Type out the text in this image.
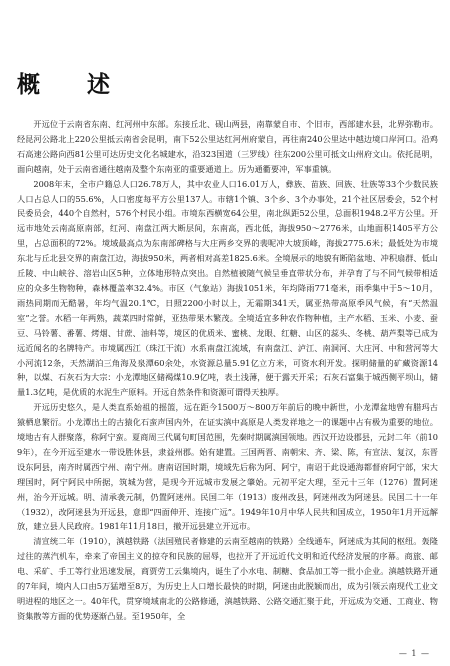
概　述

开远位于云南省东南、红河州中东部。东接丘北、砚山两县，南靠蒙自市、个旧市，西部建水县，北界弥勒市。经昆河公路北上220公里抵云南省会昆明，南下52公里达红河州府蒙自，再往南240公里达中越边境口岸河口。沿鸡石高速公路向西81公里可达历史文化名城建水，沿323国道（三罗线）往东200公里可抵文山州府文山。依托昆明，面向越南，处于云南省通往越南及整个东南亚的重要通道上。历为通衢要冲，军事重镇。

2008年末，全市户籍总人口26.78万人，其中农业人口16.01万人，彝族、苗族、回族、壮族等33个少数民族人口占总人口的55.6%，人口密度每平方公里137人。市辖1个镇、3个乡、3个办事处，21个社区居委会，52个村民委员会，440个自然村，576个村民小组。市境东西横宽64公里，南北纵距52公里，总面积1948.2平方公里。开远市地处云南高原南部，红河、南盘江两大断层间，东南高，西北低，海拔950～2776米，山地面积1405平方公里，占总面积的72%。境域最高点为东南部碑格与大庄两乡交界的裴呢冲大坡顶峰，海拔2775.6米；最低处为市境东北与丘北县交界的南盘江边，海拔950米，两者相对高差1825.6米。全境展示的地貌有断陷盆地、冲积扇群、低山丘陵、中山峡谷、溶岩山区5种，立体地形特点突出。自然植被随气候呈垂直带状分布，并孕育了与不同气候带相适应的众多生物物种，森林覆盖率32.4%。市区（气象站）海拔1051米，年均降雨771毫米，雨季集中于5～10月，雨热同期而无酷暑，年均气温20.1℃，日照2200小时以上，无霜期341天，属亚热带高原季风气候，有“天然温室”之誉。水稻一年两熟，蔬菜四时常鲜，亚热带果木繁茂。全境适宜多种农作物种植，主产水稻、玉米、小麦、蚕豆、马铃薯、番薯、烤烟、甘蔗、油料等，境区的优质米、蜜桃、龙眼、红糖、山区的蕊头、冬桃、葫芦梨等已成为远近闻名的名牌特产。市境属西江（珠江干流）水系南盘江流域，有南盘江、泸江、南洞河、大庄河、中和营河等大小河流12条，天然湖泊三角海及泉潭60余处，水资源总量5.91亿立方米，可资水利开发。探明储量的矿藏资源14种，以煤、石灰石为大宗：小龙潭地区储褐煤10.9亿吨，表土浅薄，便于露天开采；石灰石富集于城西侧平坝山，储量1.3亿吨，是优质的水泥生产原料。开远自然条件和资源可谓得天独厚。

开远历史悠久，是人类直系始祖的摇篮，远在距今1500万～800万年前后的晚中新世，小龙潭盆地曾有腊玛古猿栖息繁衍。小龙潭出土的古猿化石蛮声国内外，在证实滇中高原是人类发祥地之一的课题中占有极为重要的地位。境地古有人群聚落，称阿宁蛮。夏商周三代属句町国范围，先秦时期属滇国领地。西汉开边设郡县，元封二年（前109年），在今开远至建水一带设胜休县，隶益州郡。始有建置。三国两晋、南朝宋、齐、梁、陈，有宣法、复汉，东晋设东阿县，南齐时属西宁州、南宁州。唐南诏国时期，境域先后称为阿、阿宁，南诏于此设通海都督府阿宁部，宋大理国时，阿宁阿民中所据，筑城为营，是现今开远城市发展之肇始。元初平定大理，至元十三年（1276）置阿迷州，治今开远城。明、清承袭元制，仍置阿迷州。民国二年（1913）废州改县，阿迷州改为阿迷县。民国二十一年（1932），改阿迷县为开远县，意即“四面伸开、连接广远”。1949年10月中华人民共和国成立，1950年1月开远解放，建立县人民政府。1981年11月18日，撤开远县建立开远市。

清宣统二年（1910），滇越铁路（法国殖民者修建的云南至越南的铁路）全线通车，阿迷成为其间的枢纽。轰隆过往的蒸汽机车，牵来了帝国主义的掠夺和民族的屈辱，也拉开了开远近代文明和近代经济发展的序幕。商旅、邮电、采矿、手工等行业迅速发展，商贾劳工云集境内，诞生了小水电、制糖、食品加工等一批小企业。滇越铁路开通的7年间，境内人口由5万猛增至8万，为历史上人口增长最快的时期，阿迷由此脱颖而出，成为引领云南现代工业文明进程的地区之一。40年代，贯穿境域南北的公路修通，滇越铁路、公路交通汇聚于此，开远成为交通、工商业、物资集散等方面的优势逐渐凸显。至1950年，全

— 1 —
